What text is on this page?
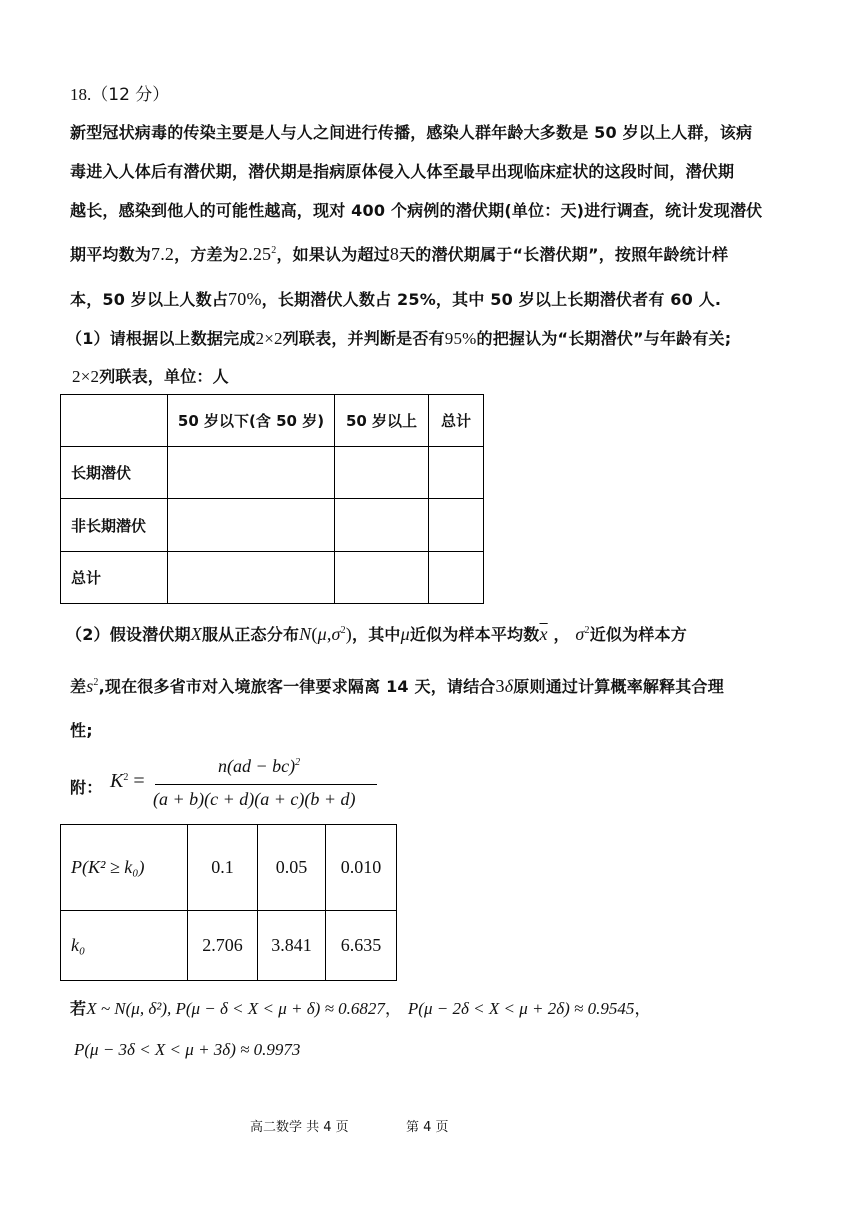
18.（12 分）
新型冠状病毒的传染主要是人与人之间进行传播，感染人群年龄大多数是 50 岁以上人群，该病
毒进入人体后有潜伏期，潜伏期是指病原体侵入人体至最早出现临床症状的这段时间，潜伏期
越长，感染到他人的可能性越高，现对 400 个病例的潜伏期(单位：天)进行调查，统计发现潜伏
期平均数为7.2，方差为2.25$^2$，如果认为超过8天的潜伏期属于“长潜伏期”，按照年龄统计样
本，50 岁以上人数占70%，长期潜伏人数占 25%，其中 50 岁以上长期潜伏者有 60 人.
（1）请根据以上数据完成2×2列联表，并判断是否有95%的把握认为“长期潜伏”与年龄有关;
2×2列联表，单位：人
	50 岁以下(含 50 岁)	50 岁以上	总计
长期潜伏			
非长期潜伏			
总计			
（2）假设潜伏期X服从正态分布$N(\mu,\sigma^2)$，其中μ近似为样本平均数$\overline{x}$ ， $\sigma^2$近似为样本方
差$s^2$,现在很多省市对入境旅客一律要求隔离 14 天，请结合3δ原则通过计算概率解释其合理
性;
附： $K^2$ =
n(ad − bc)$^2$
(a + b)(c + d)(a + c)(b + d)
P(K² ≥ k₀)	0.1	0.05	0.010
k₀	2.706	3.841	6.635
若X ~ N(μ, δ²), P(μ − δ < X < μ + δ) ≈ 0.6827， P(μ − 2δ < X < μ + 2δ) ≈ 0.9545，
P(μ − 3δ < X < μ + 3δ) ≈ 0.9973
高二数学 共 4 页	第 4 页
